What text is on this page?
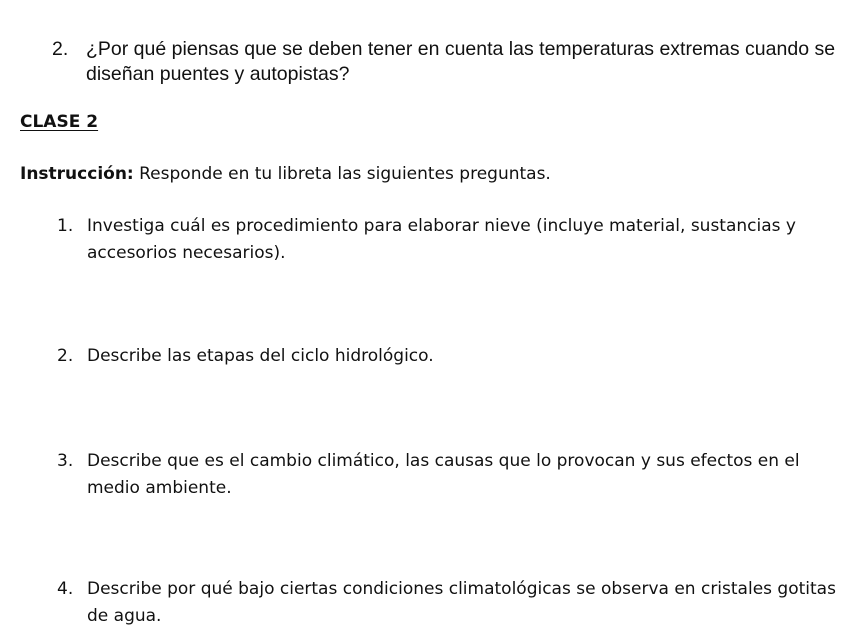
2. ¿Por qué piensas que se deben tener en cuenta las temperaturas extremas cuando se diseñan puentes y autopistas?
CLASE 2
Instrucción: Responde en tu libreta las siguientes preguntas.
1. Investiga cuál es procedimiento para elaborar nieve (incluye material, sustancias y accesorios necesarios).
2. Describe las etapas del ciclo hidrológico.
3. Describe que es el cambio climático, las causas que lo provocan y sus efectos en el medio ambiente.
4. Describe por qué bajo ciertas condiciones climatológicas se observa en cristales gotitas de agua.
